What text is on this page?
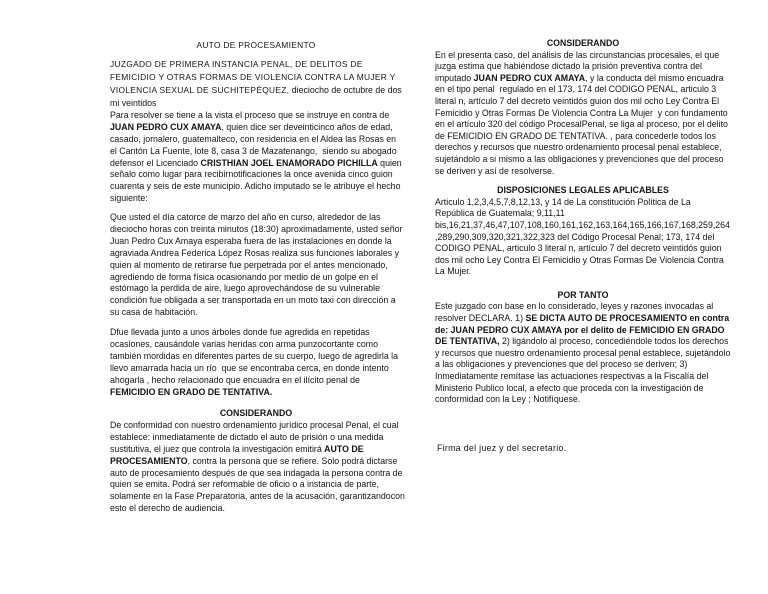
AUTO DE PROCESAMIENTO
JUZGADO DE PRIMERA INSTANCIA PENAL, DE DELITOS DE
FEMICIDIO Y OTRAS FORMAS DE VIOLENCIA CONTRA LA MUJER Y
VIOLENCIA SEXUAL DE SUCHITEPÉQUEZ, dieciocho de octubre de dos
mi veintidos
Para resolver se tiene a la vista el proceso que se instruye en contra de
JUAN PEDRO CUX AMAYA, quien dice ser deveinticinco años de edad,
casado, jornalero, guatemalteco, con residencia en el Aldea las Rosas en
el Cantón La Fuente, lote 8, casa 3 de Mazatenango,  siendo su abogado
defensor el Licenciado CRISTHIAN JOEL ENAMORADO PICHILLA quien
señalo como lugar para recibirnotificaciones la once avenida cinco guion
cuarenta y seis de este municipio. Adicho imputado se le atribuye el hecho
siguiente:
Que usted el día catorce de marzo del año en curso, alrededor de las
dieciocho horas con treinta minutos (18:30) aproximadamente, usted señor
Juan Pedro Cux Amaya esperaba fuera de las instalaciones en donde la
agraviada Andrea Federica López Rosas realiza sus funciones laborales y
quien al momento de retirarse fue perpetrada por el antes mencionado,
agrediendo de forma física ocasionando por medio de un golpe en el
estómago la perdida de aire, luego aprovechándose de su vulnerable
condición fue obligada a ser transportada en un moto taxi con dirección a
su casa de habitación.
Dfue llevada junto a unos árboles donde fue agredida en repetidas
ocasiones, causándole varias heridas con arma punzocortante como
también mordidas en diferentes partes de su cuerpo, luego de agredirla la
llevo amarrada hacia un río  que se encontraba cerca, en donde intento
ahogarla , hecho relacionado que encuadra en el ilícito penal de
FEMICIDIO EN GRADO DE TENTATIVA.
CONSIDERANDO
De conformidad con nuestro ordenamiento jurídico procesal Penal, el cual
establece: inmediatamente de dictado el auto de prisión o una medida
sustitutiva, el juez que controla la investigación emitirá AUTO DE
PROCESAMIENTO, contra la persona que se refiere. Solo podrá dictarse
auto de procesamiento después de que sea indagada la persona contra de
quien se emita. Podrá ser reformable de oficio o a instancia de parte,
solamente en la Fase Preparatoria, antes de la acusación, garantizandocon
esto el derecho de audiencia.
CONSIDERANDO
En el presenta caso, del análisis de las circunstancias procesales, el que
juzga estima que habiéndose dictado la prisión preventiva contra del
imputado JUAN PEDRO CUX AMAYA, y la conducta del mismo encuadra
en el tipo penal  regulado en el 173, 174 del CODIGO PENAL, articulo 3
literal n, artículo 7 del decreto veintidós guion dos mil ocho Ley Contra El
Femicidio y Otras Formas De Violencia Contra La Mujer  y con fundamento
en el artículo 320 del código ProcesalPenal, se liga al proceso, por el delito
de FEMICIDIO EN GRADO DE TENTATIVA. , para concederle todos los
derechos y recursos que nuestro ordenamiento procesal penal establece,
sujetándolo a si mismo a las obligaciones y prevenciones que del proceso
se deriven y así de resolverse.
DISPOSICIONES LEGALES APLICABLES
Articulo 1,2,3,4,5,7,8,12,13, y 14 de La constitución Política de La
República de Guatemala; 9,11,11
bis,16,21,37,46,47,107,108,160,161,162,163,164,165,166,167,168,259,264
,289,290,309,320,321,322,323 del Código Procesal Penal; 173, 174 del
CODIGO PENAL, articulo 3 literal n, artículo 7 del decreto veintidós guion
dos mil ocho Ley Contra El Femicidio y Otras Formas De Violencia Contra
La Mujer.
POR TANTO
Este juzgado con base en lo considerado, leyes y razones invocadas al
resolver DECLARA. 1) SE DICTA AUTO DE PROCESAMIENTO en contra
de: JUAN PEDRO CUX AMAYA por el delito de FEMICIDIO EN GRADO
DE TENTATIVA, 2) ligándolo al proceso, concediéndole todos los derechos
y recursos que nuestro ordenamiento procesal penal establece, sujetándolo
a las obligaciones y prevenciones que del proceso se deriven; 3)
Inmediatamente remítase las actuaciones respectivas a la Fiscalía del
Ministerio Publico local, a efecto que proceda con la investigación de
conformidad con la Ley ; Notifíquese.
Firma del juez y del secretario.
